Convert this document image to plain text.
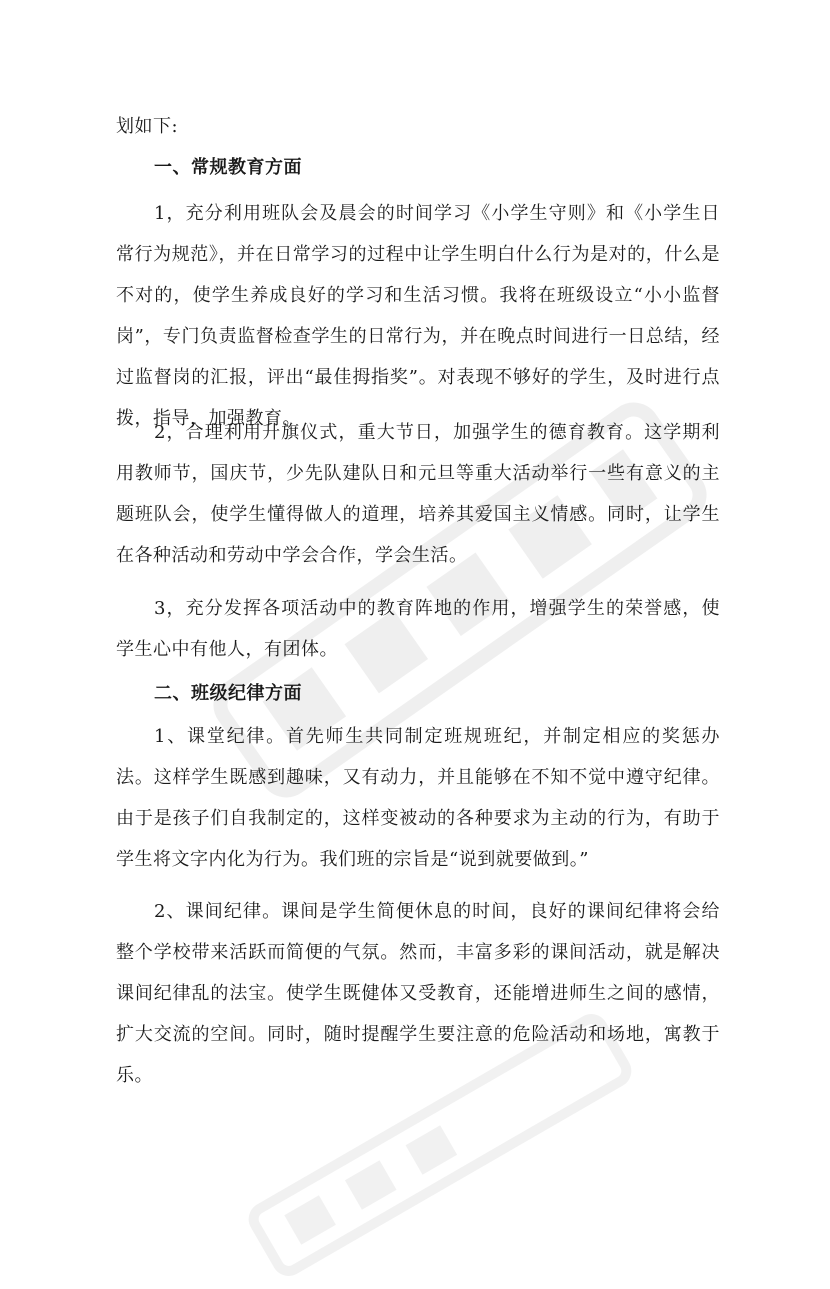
划如下:

一、常规教育方面

1，充分利用班队会及晨会的时间学习《小学生守则》和《小学生日常行为规范》，并在日常学习的过程中让学生明白什么行为是对的，什么是不对的，使学生养成良好的学习和生活习惯。我将在班级设立“小小监督岗”，专门负责监督检查学生的日常行为，并在晚点时间进行一日总结，经过监督岗的汇报，评出“最佳拇指奖”。对表现不够好的学生，及时进行点拨，指导，加强教育。

2，合理利用升旗仪式，重大节日，加强学生的德育教育。这学期利用教师节，国庆节，少先队建队日和元旦等重大活动举行一些有意义的主题班队会，使学生懂得做人的道理，培养其爱国主义情感。同时，让学生在各种活动和劳动中学会合作，学会生活。

3，充分发挥各项活动中的教育阵地的作用，增强学生的荣誉感，使学生心中有他人，有团体。

二、班级纪律方面

1、课堂纪律。首先师生共同制定班规班纪，并制定相应的奖惩办法。这样学生既感到趣味，又有动力，并且能够在不知不觉中遵守纪律。由于是孩子们自我制定的，这样变被动的各种要求为主动的行为，有助于学生将文字内化为行为。我们班的宗旨是“说到就要做到。”

2、课间纪律。课间是学生简便休息的时间，良好的课间纪律将会给整个学校带来活跃而简便的气氛。然而，丰富多彩的课间活动，就是解决课间纪律乱的法宝。使学生既健体又受教育，还能增进师生之间的感情，扩大交流的空间。同时，随时提醒学生要注意的危险活动和场地，寓教于乐。
